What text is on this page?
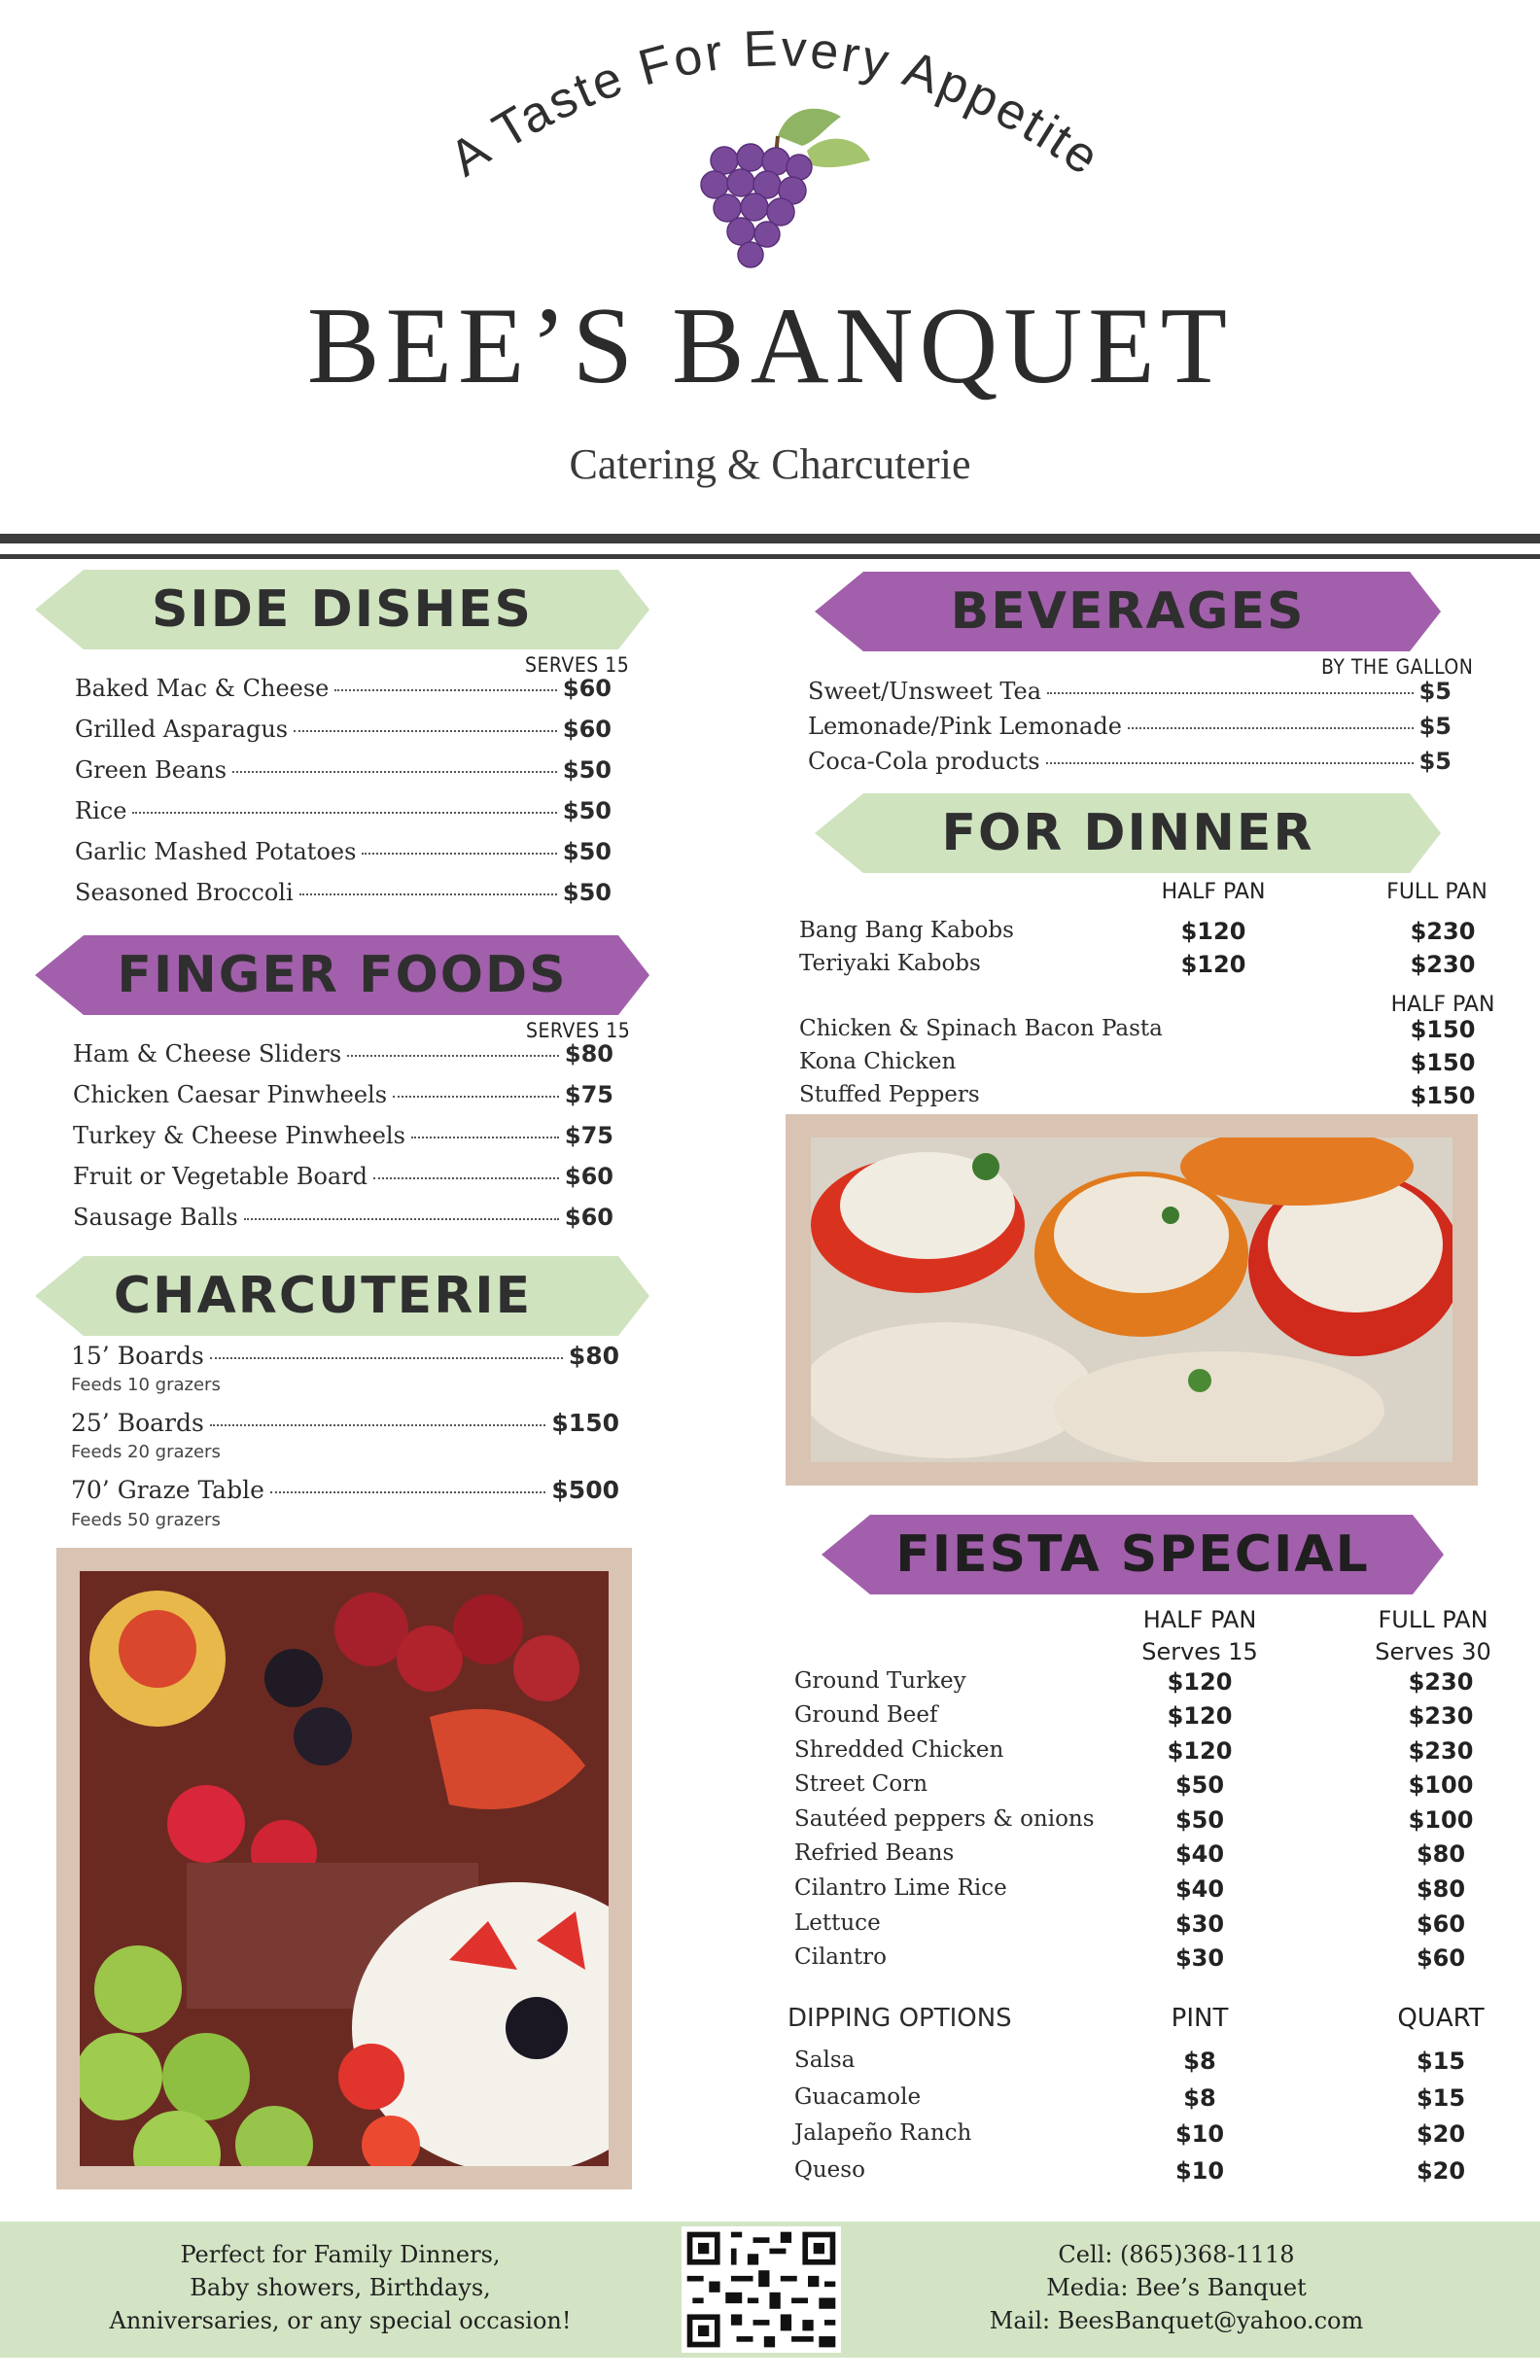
A Taste For Every Appetite
BEE’S BANQUET
Catering & Charcuterie
SIDE DISHES
SERVES 15
Baked Mac & Cheese	$60
Grilled Asparagus	$60
Green Beans	$50
Rice	$50
Garlic Mashed Potatoes	$50
Seasoned Broccoli	$50
FINGER FOODS
SERVES 15
Ham & Cheese Sliders	$80
Chicken Caesar Pinwheels	$75
Turkey & Cheese Pinwheels	$75
Fruit or Vegetable Board	$60
Sausage Balls	$60
CHARCUTERIE
15’ Boards	$80
Feeds 10 grazers
25’ Boards	$150
Feeds 20 grazers
70’ Graze Table	$500
Feeds 50 grazers
BEVERAGES
BY THE GALLON
Sweet/Unsweet Tea	$5
Lemonade/Pink Lemonade	$5
Coca-Cola products	$5
FOR DINNER
HALF PAN	FULL PAN
Bang Bang Kabobs	$120	$230
Teriyaki Kabobs	$120	$230
HALF PAN
Chicken & Spinach Bacon Pasta	$150
Kona Chicken	$150
Stuffed Peppers	$150
FIESTA SPECIAL
HALF PAN
Serves 15
FULL PAN
Serves 30
Ground Turkey	$120	$230
Ground Beef	$120	$230
Shredded Chicken	$120	$230
Street Corn	$50	$100
Sautéed peppers & onions	$50	$100
Refried Beans	$40	$80
Cilantro Lime Rice	$40	$80
Lettuce	$30	$60
Cilantro	$30	$60
DIPPING OPTIONS	PINT	QUART
Salsa	$8	$15
Guacamole	$8	$15
Jalapeño Ranch	$10	$20
Queso	$10	$20
Perfect for Family Dinners,
Baby showers, Birthdays,
Anniversaries, or any special occasion!
Cell: (865)368-1118
Media: Bee’s Banquet
Mail: BeesBanquet@yahoo.com
